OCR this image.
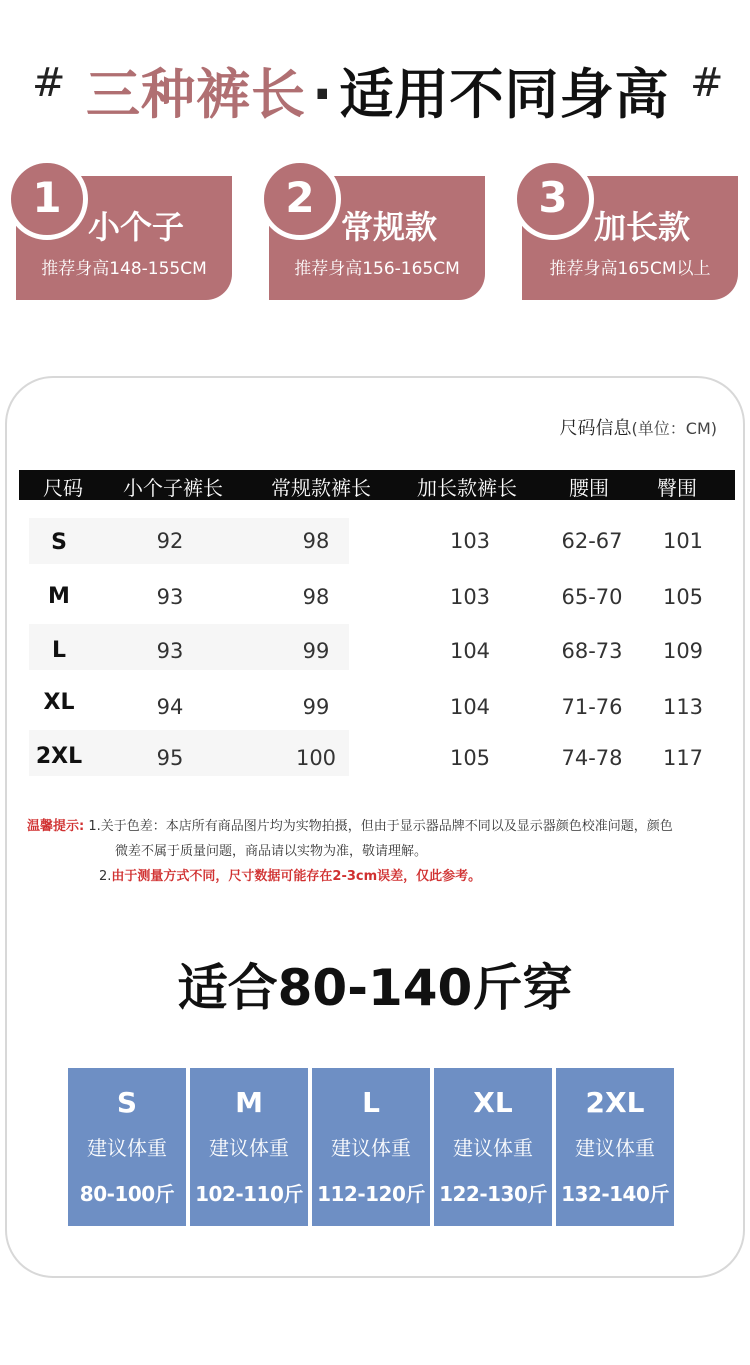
# 三种裤长 · 适用不同身高 #
1
小个子
推荐身高148-155CM
2
常规款
推荐身高156-165CM
3
加长款
推荐身高165CM以上
尺码信息(单位：CM)
尺码 小个子裤长 常规款裤长 加长款裤长	腰围 臀围
S	92	98	103	62-67 101
M	93	98	103	65-70 105
L	93	99	104	68-73 109
XL	94	99	104	71-76 113
2XL	95	100	105	74-78 117
温馨提示: 1.关于色差：本店所有商品图片均为实物拍摄，但由于显示器品牌不同以及显示器颜色校准问题，颜色
微差不属于质量问题，商品请以实物为准，敬请理解。
2.由于测量方式不同，尺寸数据可能存在2-3cm误差，仅此参考。
适合80-140斤穿
S
建议体重
80-100斤
M
建议体重
102-110斤
L
建议体重
112-120斤
XL
建议体重
122-130斤
2XL
建议体重
132-140斤
